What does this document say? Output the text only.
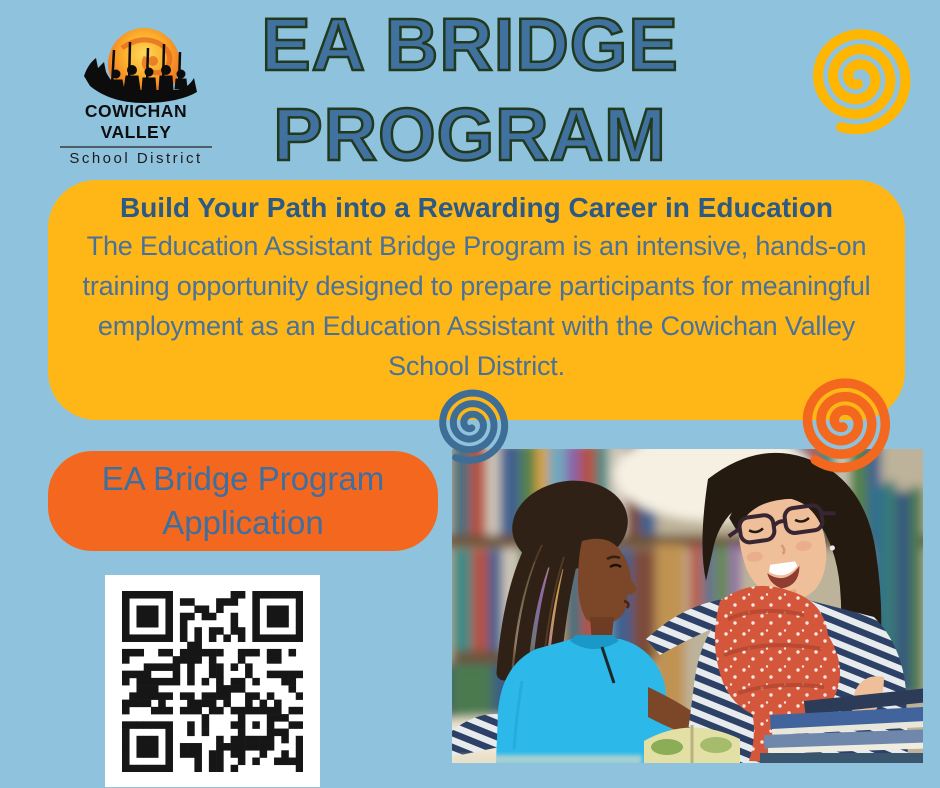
COWICHAN VALLEY
School District
EA BRIDGE
PROGRAM
Build Your Path into a Rewarding Career in Education
The Education Assistant Bridge Program is an intensive, hands-on training opportunity designed to prepare participants for meaningful employment as an Education Assistant with the Cowichan Valley School District.
EA Bridge Program Application
